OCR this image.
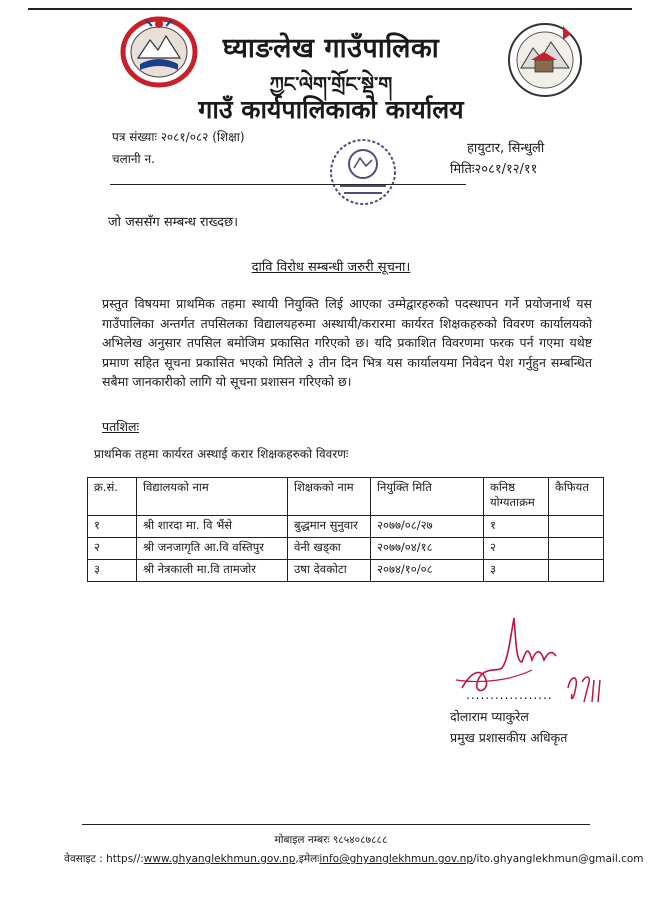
घ्याङलेख गाउँपालिका
ཀྱང་ལེག་གྲོང་སྡེ་ག
गाउँ कार्यपालिकाको कार्यालय
पत्र संख्याः २०८१/०८२ (शिक्षा)
चलानी न.
हायुटार, सिन्धुली
मितिः२०८१/१२/११
जो जससँग सम्बन्ध राख्दछ।
दावि विरोध सम्बन्धी जरुरी सूचना।
प्रस्तुत विषयमा प्राथमिक तहमा स्थायी नियुक्ति लिई आएका उम्मेद्वारहरुको पदस्थापन गर्ने प्रयोजनार्थ यस गाउँपालिका अन्तर्गत तपसिलका विद्यालयहरुमा अस्थायी/करारमा कार्यरत शिक्षकहरुको विवरण कार्यालयको अभिलेख अनुसार तपसिल बमोजिम प्रकासित गरिएको छ। यदि प्रकाशित विवरणमा फरक पर्न गएमा यथेष्ट प्रमाण सहित सूचना प्रकासित भएको मितिले ३ तीन दिन भित्र यस कार्यालयमा निवेदन पेश गर्नुहुन सम्बन्धित सबैमा जानकारीको लागि यो सूचना प्रशासन गरिएको छ।
पतशिलः
प्राथमिक तहमा कार्यरत अस्थाई करार शिक्षकहरुको विवरणः
क्र.सं.	विद्यालयको नाम	शिक्षकको नाम	नियुक्ति मिति	कनिष्ठ योग्यताक्रम	कैफियत
१	श्री शारदा मा. वि भैंसे	बुद्धमान सुनुवार	२०७७/०८/२७	१	
२	श्री जनजागृति आ.वि वस्तिपुर	वेनी खड्का	२०७७/०४/१८	२	
३	श्री नेत्रकाली मा.वि तामजोर	उषा देवकोटा	२०७४/१०/०८	३	
..................
दोलाराम प्याकुरेल
प्रमुख प्रशासकीय अधिकृत
मोबाइल नम्बरः ९८५४०८७८८८
वेवसाइट : https//:www.ghyanglekhmun.gov.np,इमेलःinfo@ghyanglekhmun.gov.np/ito.ghyanglekhmun@gmail.com
